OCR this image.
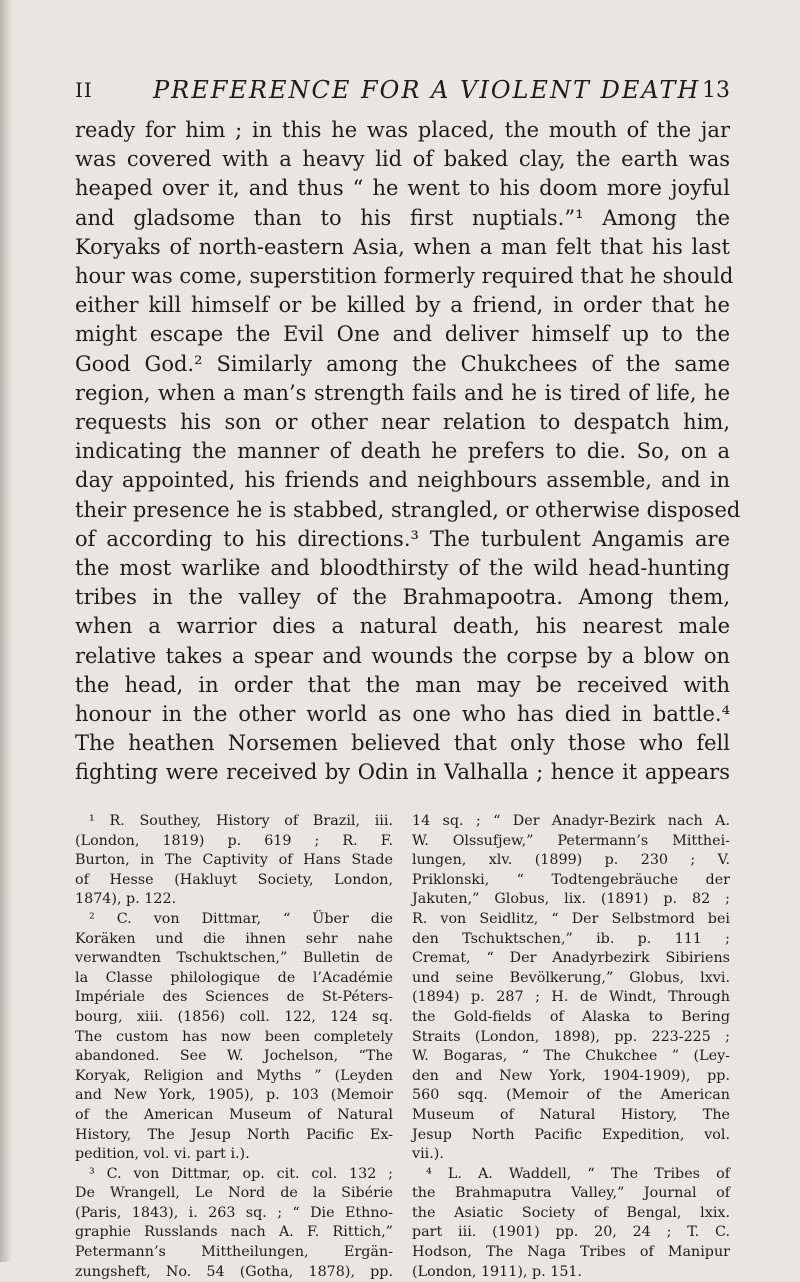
II	PREFERENCE FOR A VIOLENT DEATH 13
ready for him ; in this he was placed, the mouth of the jar
was covered with a heavy lid of baked clay, the earth was
heaped over it, and thus “ he went to his doom more joyful
and gladsome than to his first nuptials.”¹ Among the
Koryaks of north-eastern Asia, when a man felt that his last
hour was come, superstition formerly required that he should
either kill himself or be killed by a friend, in order that he
might escape the Evil One and deliver himself up to the
Good God.² Similarly among the Chukchees of the same
region, when a man’s strength fails and he is tired of life, he
requests his son or other near relation to despatch him,
indicating the manner of death he prefers to die. So, on a
day appointed, his friends and neighbours assemble, and in
their presence he is stabbed, strangled, or otherwise disposed
of according to his directions.³ The turbulent Angamis are
the most warlike and bloodthirsty of the wild head-hunting
tribes in the valley of the Brahmapootra. Among them,
when a warrior dies a natural death, his nearest male
relative takes a spear and wounds the corpse by a blow on
the head, in order that the man may be received with
honour in the other world as one who has died in battle.⁴
The heathen Norsemen believed that only those who fell
fighting were received by Odin in Valhalla ; hence it appears
¹ R. Southey, History of Brazil, iii.
(London, 1819) p. 619 ; R. F.
Burton, in The Captivity of Hans Stade
of Hesse (Hakluyt Society, London,
1874), p. 122.
² C. von Dittmar, “ Über die
Koräken und die ihnen sehr nahe
verwandten Tschuktschen,” Bulletin de
la Classe philologique de l’Académie
Impériale des Sciences de St-Péters-
bourg, xiii. (1856) coll. 122, 124 sq.
The custom has now been completely
abandoned. See W. Jochelson, “The
Koryak, Religion and Myths ” (Leyden
and New York, 1905), p. 103 (Memoir
of the American Museum of Natural
History, The Jesup North Pacific Ex-
pedition, vol. vi. part i.).
³ C. von Dittmar, op. cit. col. 132 ;
De Wrangell, Le Nord de la Sibérie
(Paris, 1843), i. 263 sq. ; “ Die Ethno-
graphie Russlands nach A. F. Rittich,”
Petermann’s Mittheilungen, Ergän-
zungsheft, No. 54 (Gotha, 1878), pp.
14 sq. ; “ Der Anadyr-Bezirk nach A.
W. Olssufjew,” Petermann’s Mitthei-
lungen, xlv. (1899) p. 230 ; V.
Priklonski, “ Todtengebräuche der
Jakuten,” Globus, lix. (1891) p. 82 ;
R. von Seidlitz, “ Der Selbstmord bei
den Tschuktschen,” ib. p. 111 ;
Cremat, “ Der Anadyrbezirk Sibiriens
und seine Bevölkerung,” Globus, lxvi.
(1894) p. 287 ; H. de Windt, Through
the Gold-fields of Alaska to Bering
Straits (London, 1898), pp. 223-225 ;
W. Bogaras, “ The Chukchee ” (Ley-
den and New York, 1904-1909), pp.
560 sqq. (Memoir of the American
Museum of Natural History, The
Jesup North Pacific Expedition, vol.
vii.).
⁴ L. A. Waddell, “ The Tribes of
the Brahmaputra Valley,” Journal of
the Asiatic Society of Bengal, lxix.
part iii. (1901) pp. 20, 24 ; T. C.
Hodson, The Naga Tribes of Manipur
(London, 1911), p. 151.
